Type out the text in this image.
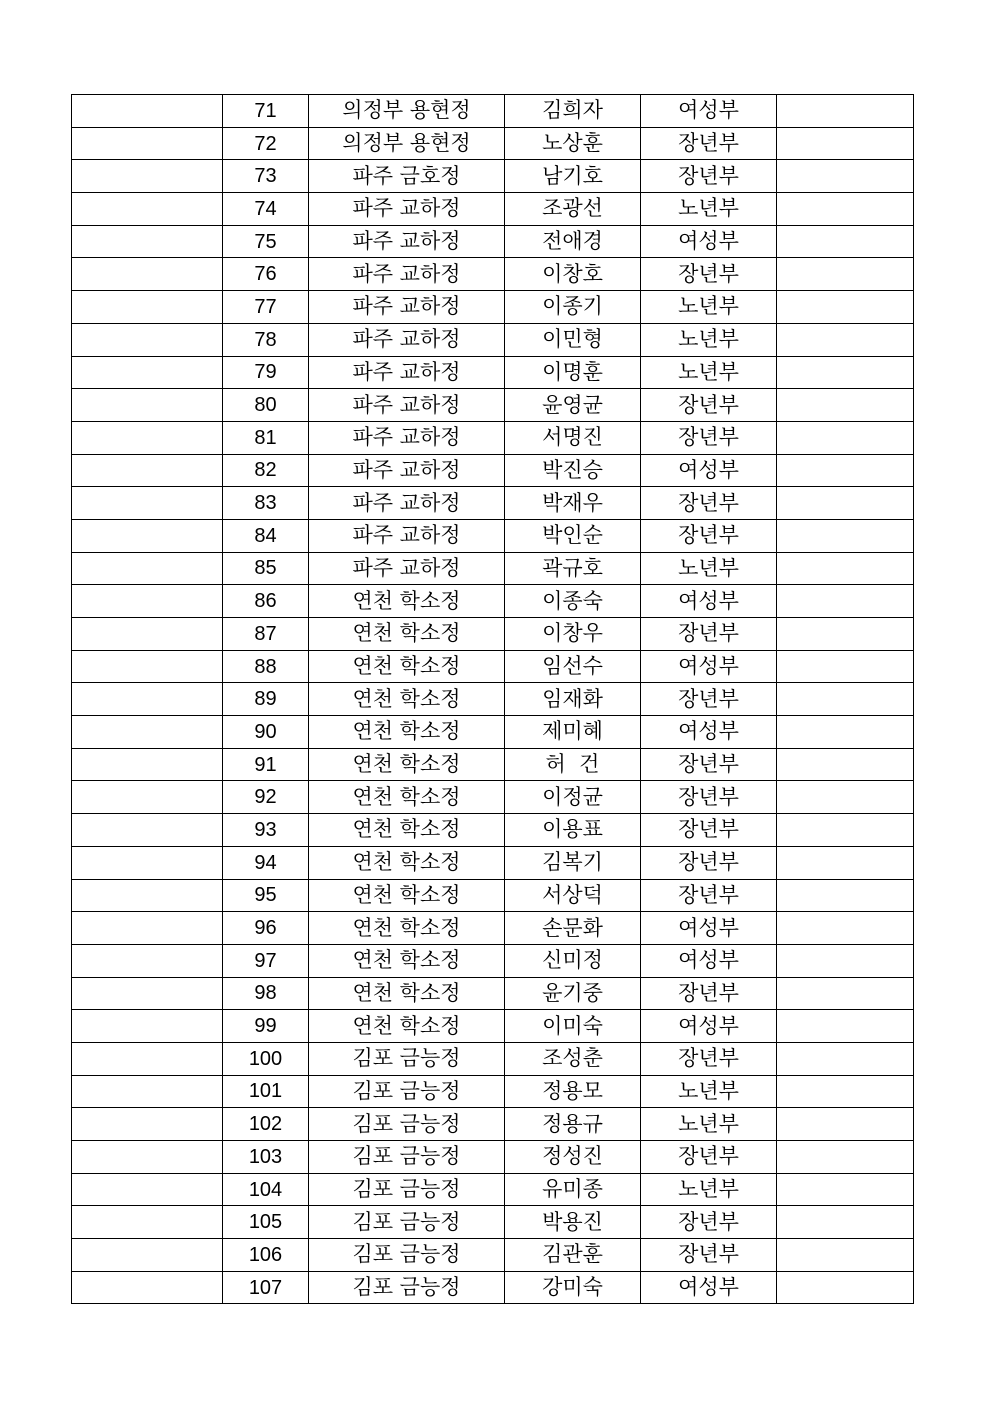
	71	의정부 용현정	김희자	여성부	
	72	의정부 용현정	노상훈	장년부	
	73	파주 금호정	남기호	장년부	
	74	파주 교하정	조광선	노년부	
	75	파주 교하정	전애경	여성부	
	76	파주 교하정	이창호	장년부	
	77	파주 교하정	이종기	노년부	
	78	파주 교하정	이민형	노년부	
	79	파주 교하정	이명훈	노년부	
	80	파주 교하정	윤영균	장년부	
	81	파주 교하정	서명진	장년부	
	82	파주 교하정	박진승	여성부	
	83	파주 교하정	박재우	장년부	
	84	파주 교하정	박인순	장년부	
	85	파주 교하정	곽규호	노년부	
	86	연천 학소정	이종숙	여성부	
	87	연천 학소정	이창우	장년부	
	88	연천 학소정	임선수	여성부	
	89	연천 학소정	임재화	장년부	
	90	연천 학소정	제미혜	여성부	
	91	연천 학소정	허  건	장년부	
	92	연천 학소정	이정균	장년부	
	93	연천 학소정	이용표	장년부	
	94	연천 학소정	김복기	장년부	
	95	연천 학소정	서상덕	장년부	
	96	연천 학소정	손문화	여성부	
	97	연천 학소정	신미정	여성부	
	98	연천 학소정	윤기중	장년부	
	99	연천 학소정	이미숙	여성부	
	100	김포 금능정	조성춘	장년부	
	101	김포 금능정	정용모	노년부	
	102	김포 금능정	정용규	노년부	
	103	김포 금능정	정성진	장년부	
	104	김포 금능정	유미종	노년부	
	105	김포 금능정	박용진	장년부	
	106	김포 금능정	김관훈	장년부	
	107	김포 금능정	강미숙	여성부	
